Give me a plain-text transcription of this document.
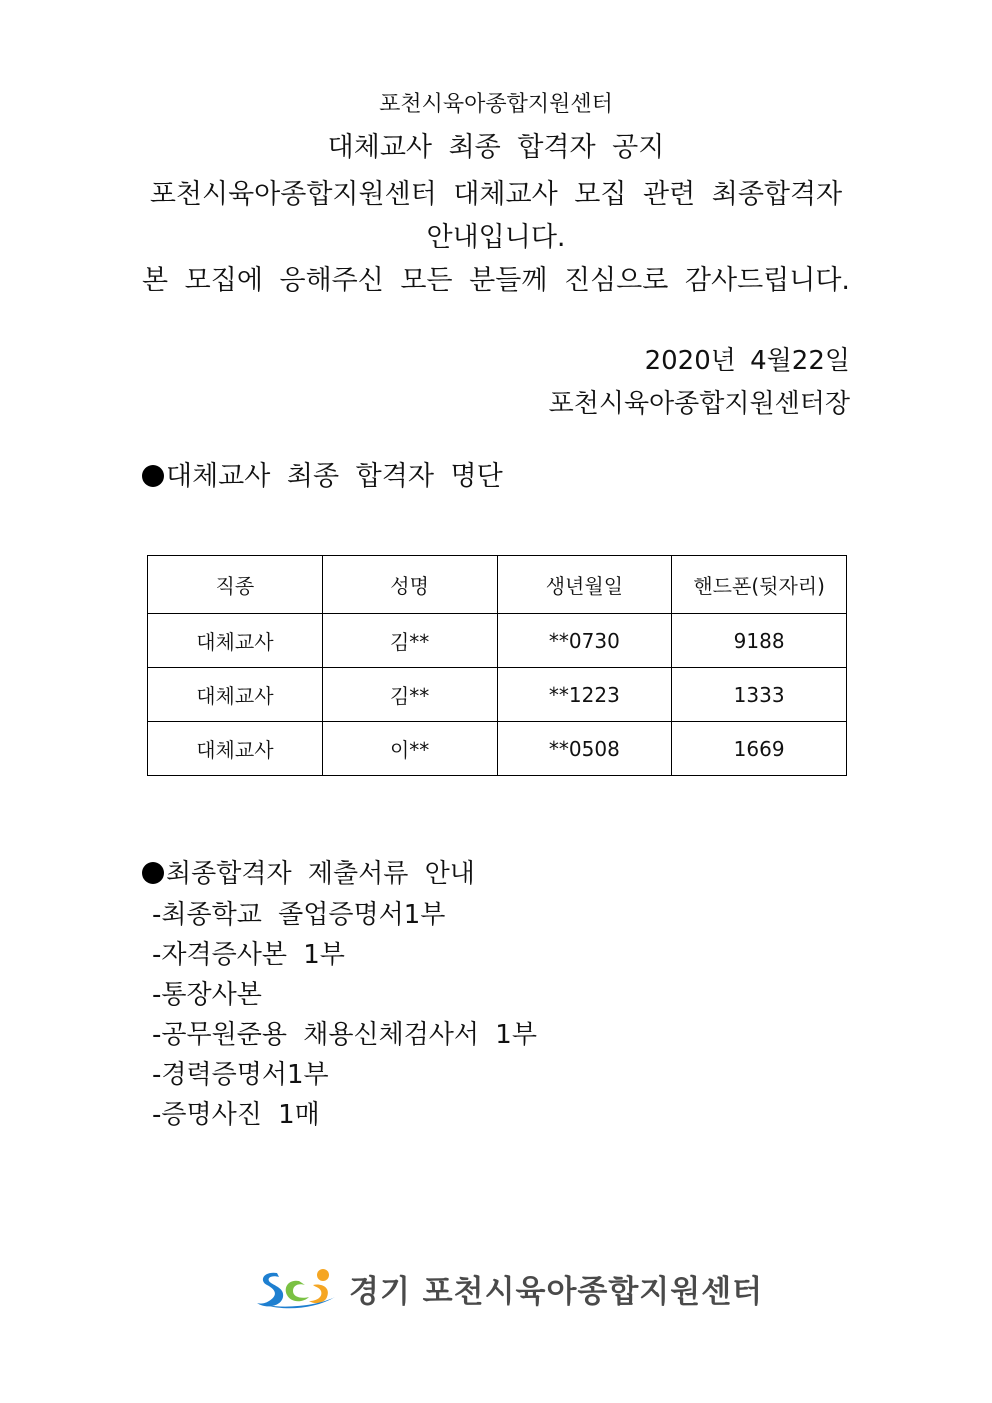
포천시육아종합지원센터
대체교사 최종 합격자 공지
포천시육아종합지원센터 대체교사 모집 관련 최종합격자
안내입니다.
본 모집에 응해주신 모든 분들께 진심으로 감사드립니다.
2020년 4월22일
포천시육아종합지원센터장
대체교사 최종 합격자 명단
직종	성명	생년월일	핸드폰(뒷자리)
대체교사	김**	**0730	9188
대체교사	김**	**1223	1333
대체교사	이**	**0508	1669
최종합격자 제출서류 안내
-최종학교 졸업증명서1부
-자격증사본 1부
-통장사본
-공무원준용 채용신체검사서 1부
-경력증명서1부
-증명사진 1매
경기 포천시육아종합지원센터
